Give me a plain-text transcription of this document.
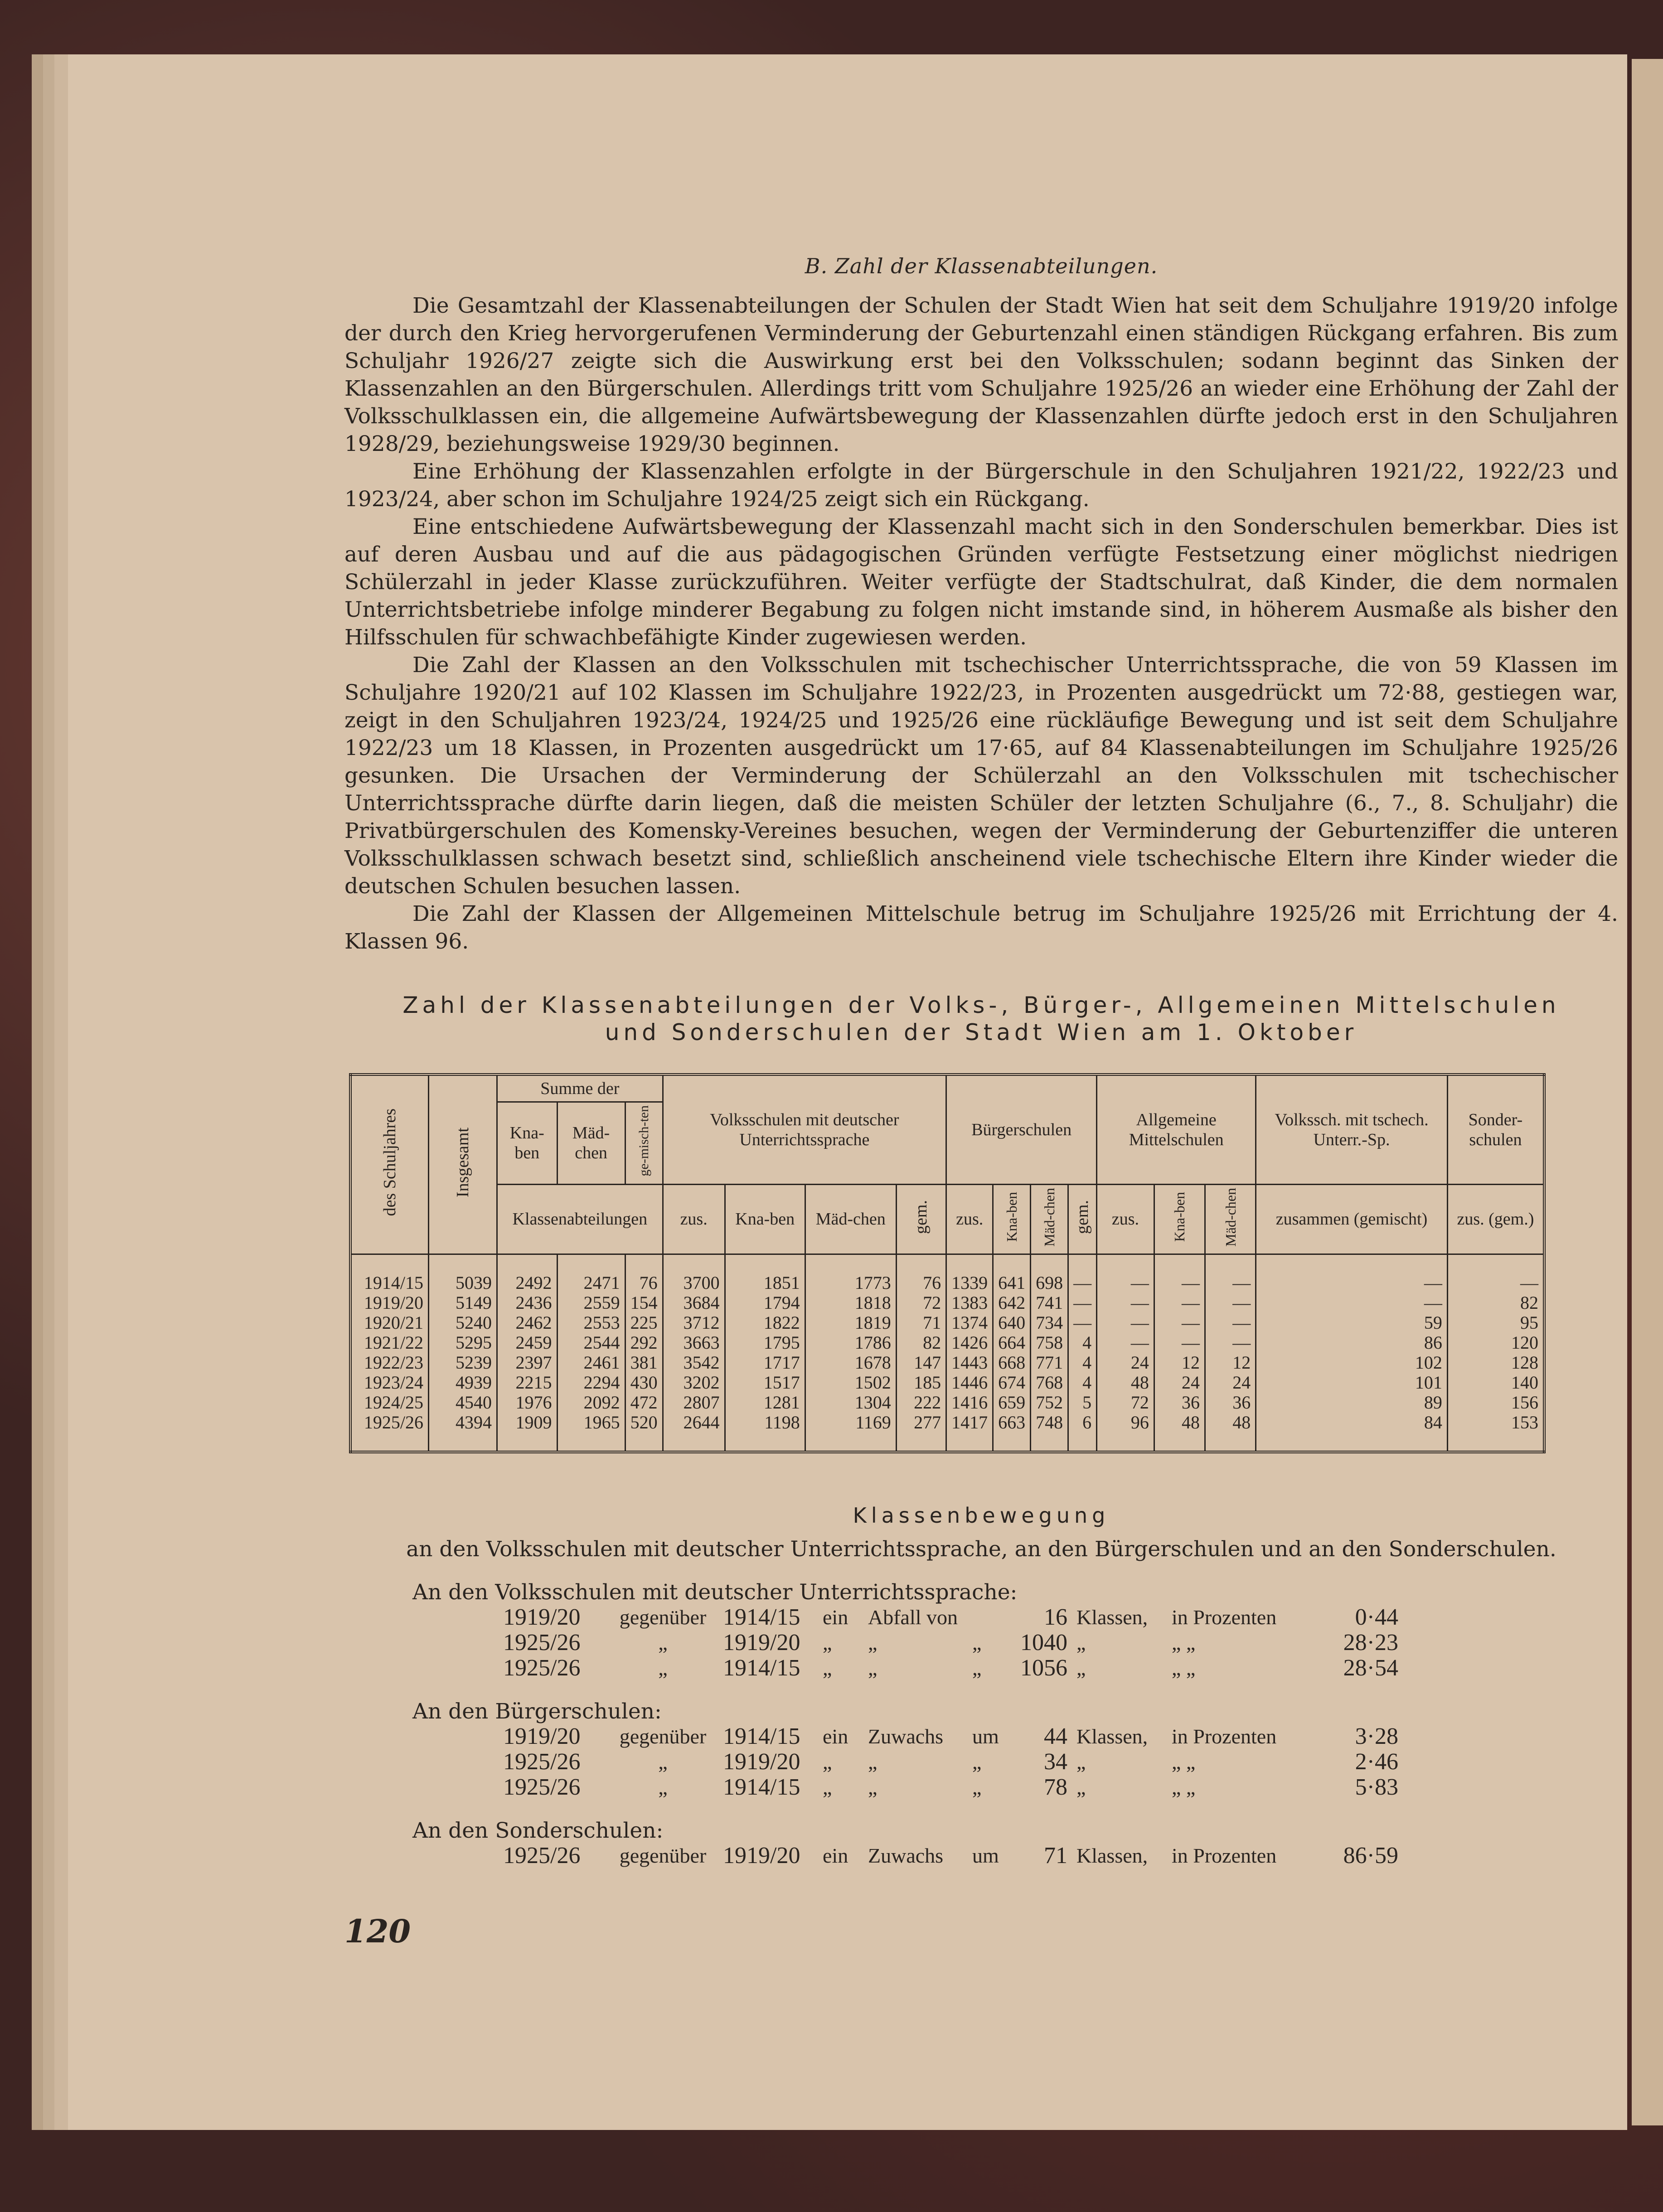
B. Zahl der Klassenabteilungen.

Die Gesamtzahl der Klassenabteilungen der Schulen der Stadt Wien hat seit dem Schuljahre 1919/20 infolge der durch den Krieg hervorgerufenen Verminderung der Geburtenzahl einen ständigen Rückgang erfahren. Bis zum Schuljahr 1926/27 zeigte sich die Auswirkung erst bei den Volksschulen; sodann beginnt das Sinken der Klassenzahlen an den Bürgerschulen. Allerdings tritt vom Schuljahre 1925/26 an wieder eine Erhöhung der Zahl der Volksschulklassen ein, die allgemeine Aufwärtsbewegung der Klassenzahlen dürfte jedoch erst in den Schuljahren 1928/29, beziehungsweise 1929/30 beginnen.

Eine Erhöhung der Klassenzahlen erfolgte in der Bürgerschule in den Schuljahren 1921/22, 1922/23 und 1923/24, aber schon im Schuljahre 1924/25 zeigt sich ein Rückgang.

Eine entschiedene Aufwärtsbewegung der Klassenzahl macht sich in den Sonderschulen bemerkbar. Dies ist auf deren Ausbau und auf die aus pädagogischen Gründen verfügte Festsetzung einer möglichst niedrigen Schülerzahl in jeder Klasse zurückzuführen. Weiter verfügte der Stadtschulrat, daß Kinder, die dem normalen Unterrichtsbetriebe infolge minderer Begabung zu folgen nicht imstande sind, in höherem Ausmaße als bisher den Hilfsschulen für schwachbefähigte Kinder zugewiesen werden.

Die Zahl der Klassen an den Volksschulen mit tschechischer Unterrichtssprache, die von 59 Klassen im Schuljahre 1920/21 auf 102 Klassen im Schuljahre 1922/23, in Prozenten ausgedrückt um 72·88, gestiegen war, zeigt in den Schuljahren 1923/24, 1924/25 und 1925/26 eine rückläufige Bewegung und ist seit dem Schuljahre 1922/23 um 18 Klassen, in Prozenten ausgedrückt um 17·65, auf 84 Klassenabteilungen im Schuljahre 1925/26 gesunken. Die Ursachen der Verminderung der Schülerzahl an den Volksschulen mit tschechischer Unterrichtssprache dürfte darin liegen, daß die meisten Schüler der letzten Schuljahre (6., 7., 8. Schuljahr) die Privatbürgerschulen des Komensky-Vereines besuchen, wegen der Verminderung der Geburtenziffer die unteren Volksschulklassen schwach besetzt sind, schließlich anscheinend viele tschechische Eltern ihre Kinder wieder die deutschen Schulen besuchen lassen.

Die Zahl der Klassen der Allgemeinen Mittelschule betrug im Schuljahre 1925/26 mit Errichtung der 4. Klassen 96.

Zahl der Klassenabteilungen der Volks-, Bürger-, Allgemeinen Mittelschulen
und Sonderschulen der Stadt Wien am 1. Oktober
des Schuljahres	Insgesamt	Summe der			Volksschulen mit deutscher Unterrichtssprache				Bürgerschulen				Allgemeine Mittelschulen			Volkssch. mit tschech. Unterr.-Sp.	Sonder-schulen
		Kna-ben	Mäd-chen	ge-misch-ten													
		Klassenabteilungen			zus.	Kna-ben	Mäd-chen	gem.	zus.	Kna-ben	Mäd-chen	gem.	zus.	Kna-ben	Mäd-chen	zusammen (gemischt)	zus. (gem.)
1914/15	5039	2492	2471	76	3700	1851	1773	76	1339	641	698	—	—	—	—	—	—
1919/20	5149	2436	2559	154	3684	1794	1818	72	1383	642	741	—	—	—	—	—	82
1920/21	5240	2462	2553	225	3712	1822	1819	71	1374	640	734	—	—	—	—	59	95
1921/22	5295	2459	2544	292	3663	1795	1786	82	1426	664	758	4	—	—	—	86	120
1922/23	5239	2397	2461	381	3542	1717	1678	147	1443	668	771	4	24	12	12	102	128
1923/24	4939	2215	2294	430	3202	1517	1502	185	1446	674	768	4	48	24	24	101	140
1924/25	4540	1976	2092	472	2807	1281	1304	222	1416	659	752	5	72	36	36	89	156
1925/26	4394	1909	1965	520	2644	1198	1169	277	1417	663	748	6	96	48	48	84	153
Klassenbewegung
an den Volksschulen mit deutscher Unterrichtssprache, an den Bürgerschulen und an den Sonderschulen.
An den Volksschulen mit deutscher Unterrichtssprache:
1919/20	gegenüber 1914/15	ein Abfall von	16 Klassen,	in Prozenten	0·44
1925/26	„	1919/20	„	„	„	1040 „	„ „	28·23
1925/26	„	1914/15	„	„	„	1056 „	„ „	28·54
An den Bürgerschulen:
1919/20	gegenüber 1914/15	ein Zuwachs	um	44 Klassen,	in Prozenten	3·28
1925/26	„	1919/20	„	„	„	34 „	„ „	2·46
1925/26	„	1914/15	„	„	„	78 „	„ „	5·83
An den Sonderschulen:
1925/26	gegenüber 1919/20	ein Zuwachs	um	71 Klassen,	in Prozenten	86·59
120
